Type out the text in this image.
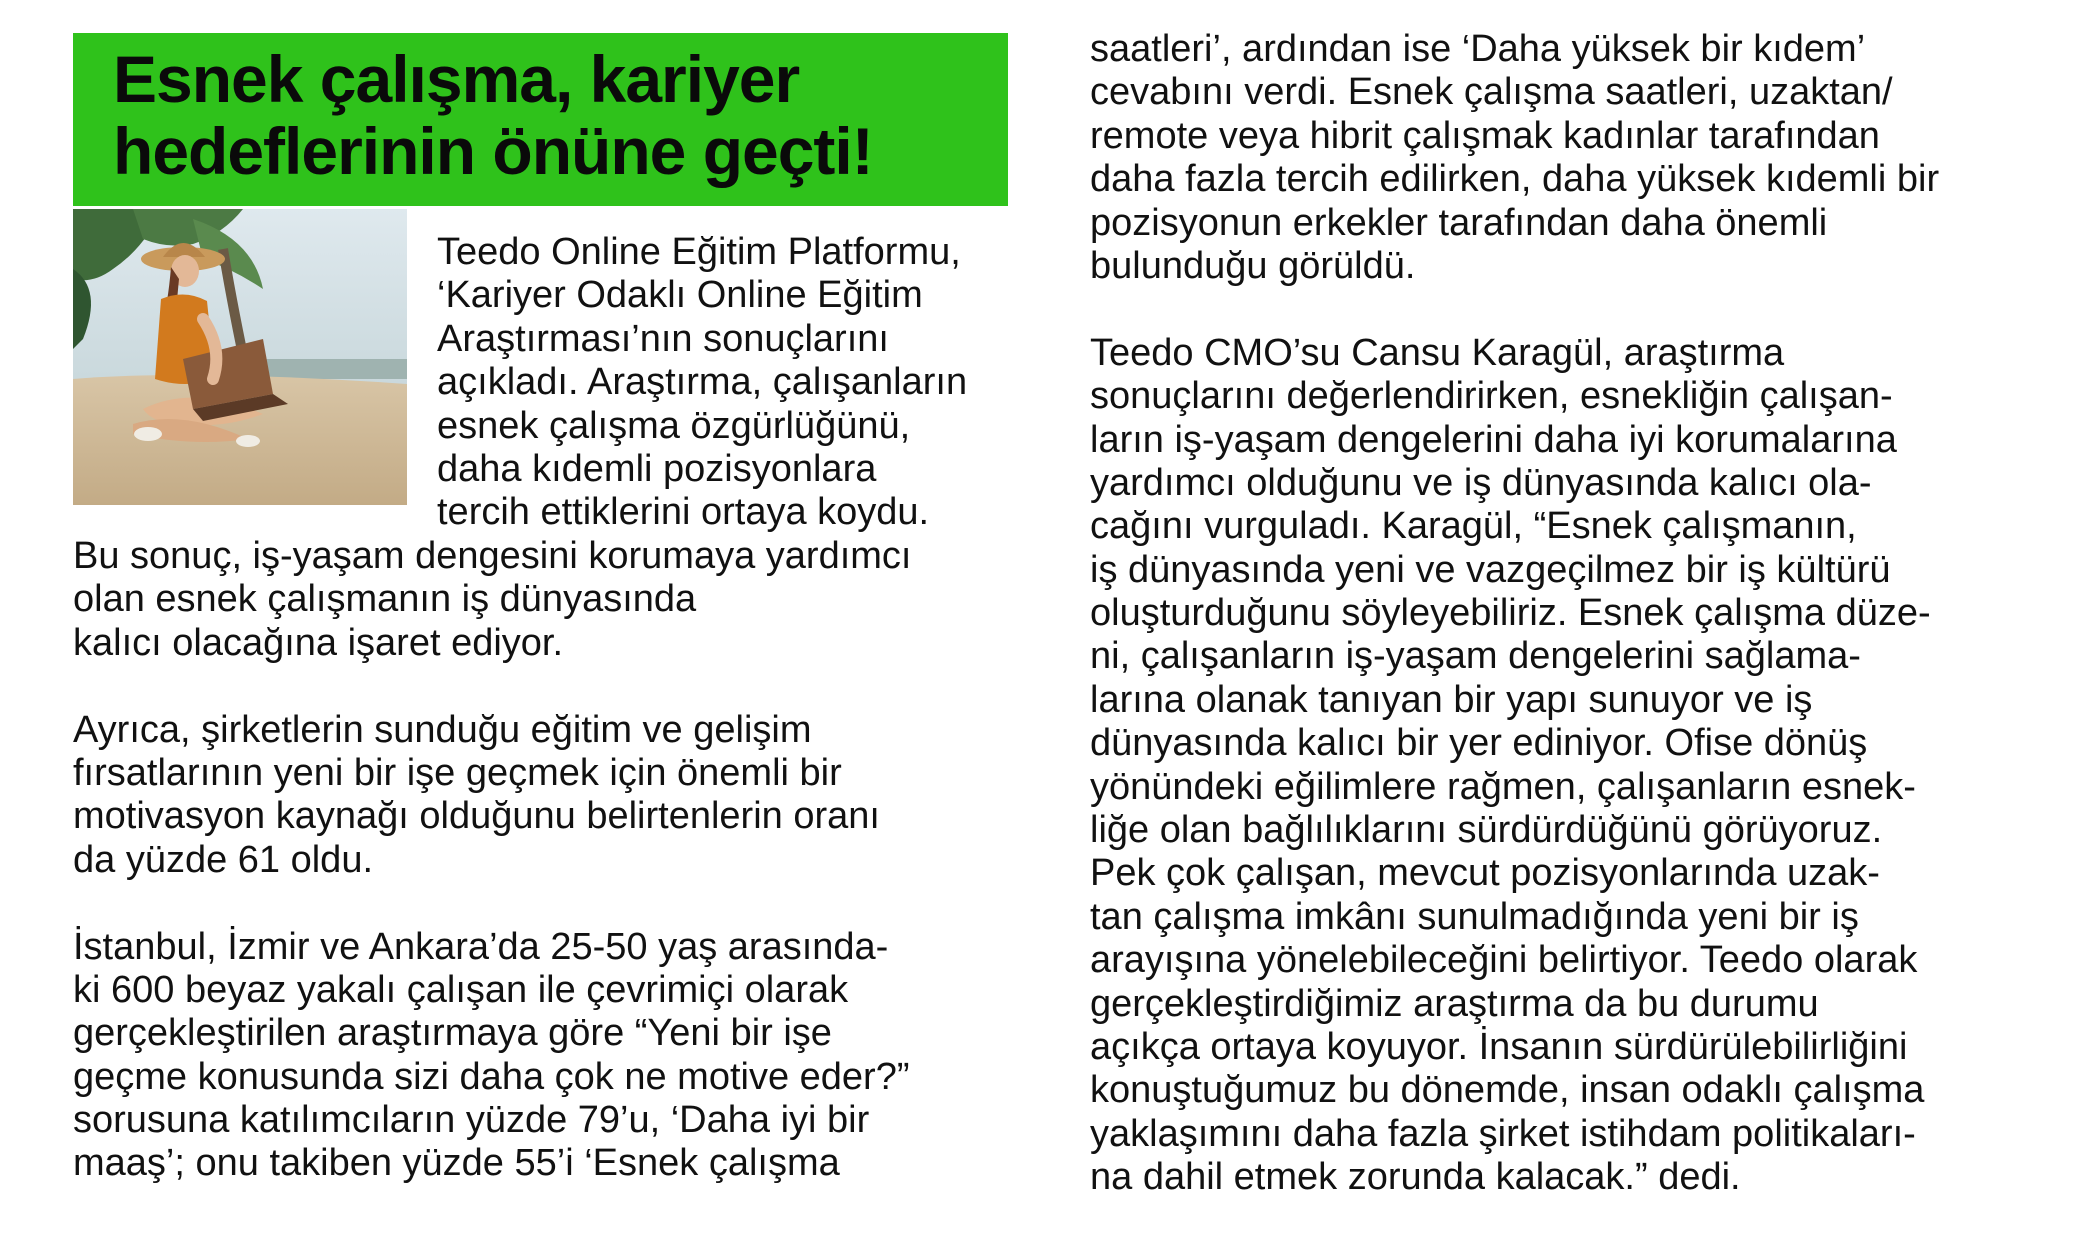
Esnek çalışma, kariyer
hedeflerinin önüne geçti!
Teedo Online Eğitim Platformu,
‘Kariyer Odaklı Online Eğitim
Araştırması’nın sonuçlarını
açıkladı. Araştırma, çalışanların
esnek çalışma özgürlüğünü,
daha kıdemli pozisyonlara
tercih ettiklerini ortaya koydu.
Bu sonuç, iş-yaşam dengesini korumaya yardımcı
olan esnek çalışmanın iş dünyasında
kalıcı olacağına işaret ediyor.
Ayrıca, şirketlerin sunduğu eğitim ve gelişim
fırsatlarının yeni bir işe geçmek için önemli bir
motivasyon kaynağı olduğunu belirtenlerin oranı
da yüzde 61 oldu.
İstanbul, İzmir ve Ankara’da 25-50 yaş arasında-
ki 600 beyaz yakalı çalışan ile çevrimiçi olarak
gerçekleştirilen araştırmaya göre “Yeni bir işe
geçme konusunda sizi daha çok ne motive eder?”
sorusuna katılımcıların yüzde 79’u, ‘Daha iyi bir
maaş’; onu takiben yüzde 55’i ‘Esnek çalışma
saatleri’, ardından ise ‘Daha yüksek bir kıdem’
cevabını verdi. Esnek çalışma saatleri, uzaktan/
remote veya hibrit çalışmak kadınlar tarafından
daha fazla tercih edilirken, daha yüksek kıdemli bir
pozisyonun erkekler tarafından daha önemli
bulunduğu görüldü.
Teedo CMO’su Cansu Karagül, araştırma
sonuçlarını değerlendirirken, esnekliğin çalışan-
ların iş-yaşam dengelerini daha iyi korumalarına
yardımcı olduğunu ve iş dünyasında kalıcı ola-
cağını vurguladı. Karagül, “Esnek çalışmanın,
iş dünyasında yeni ve vazgeçilmez bir iş kültürü
oluşturduğunu söyleyebiliriz. Esnek çalışma düze-
ni, çalışanların iş-yaşam dengelerini sağlama-
larına olanak tanıyan bir yapı sunuyor ve iş
dünyasında kalıcı bir yer ediniyor. Ofise dönüş
yönündeki eğilimlere rağmen, çalışanların esnek-
liğe olan bağlılıklarını sürdürdüğünü görüyoruz.
Pek çok çalışan, mevcut pozisyonlarında uzak-
tan çalışma imkânı sunulmadığında yeni bir iş
arayışına yönelebileceğini belirtiyor. Teedo olarak
gerçekleştirdiğimiz araştırma da bu durumu
açıkça ortaya koyuyor. İnsanın sürdürülebilirliğini
konuştuğumuz bu dönemde, insan odaklı çalışma
yaklaşımını daha fazla şirket istihdam politikaları-
na dahil etmek zorunda kalacak.” dedi.
